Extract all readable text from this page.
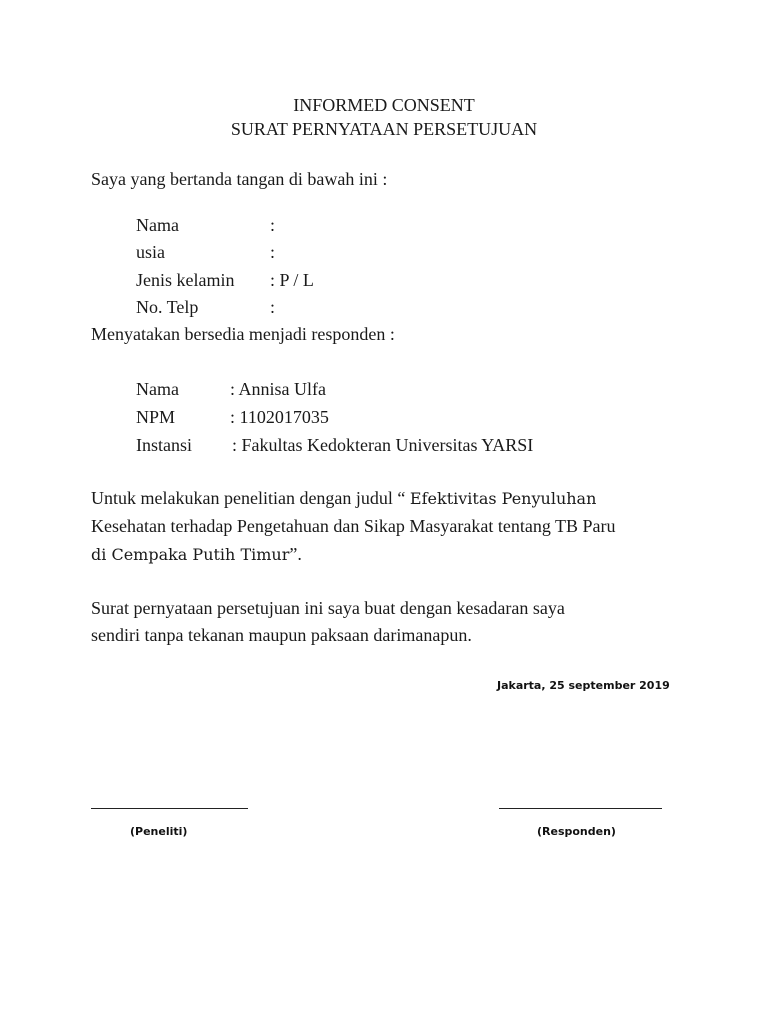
INFORMED CONSENT
SURAT PERNYATAAN PERSETUJUAN
Saya yang bertanda tangan di bawah ini :
Nama	:
usia	:
Jenis kelamin : P / L
No. Telp	:
Menyatakan bersedia menjadi responden :
Nama	: Annisa Ulfa
NPM	: 1102017035
Instansi : Fakultas Kedokteran Universitas YARSI
Untuk melakukan penelitian dengan judul “ Efektivitas Penyuluhan
Kesehatan terhadap Pengetahuan dan Sikap Masyarakat tentang TB Paru
di Cempaka Putih Timur”.
Surat pernyataan persetujuan ini saya buat dengan kesadaran saya
sendiri tanpa tekanan maupun paksaan darimanapun.
Jakarta, 25 september 2019
(Peneliti)	(Responden)
